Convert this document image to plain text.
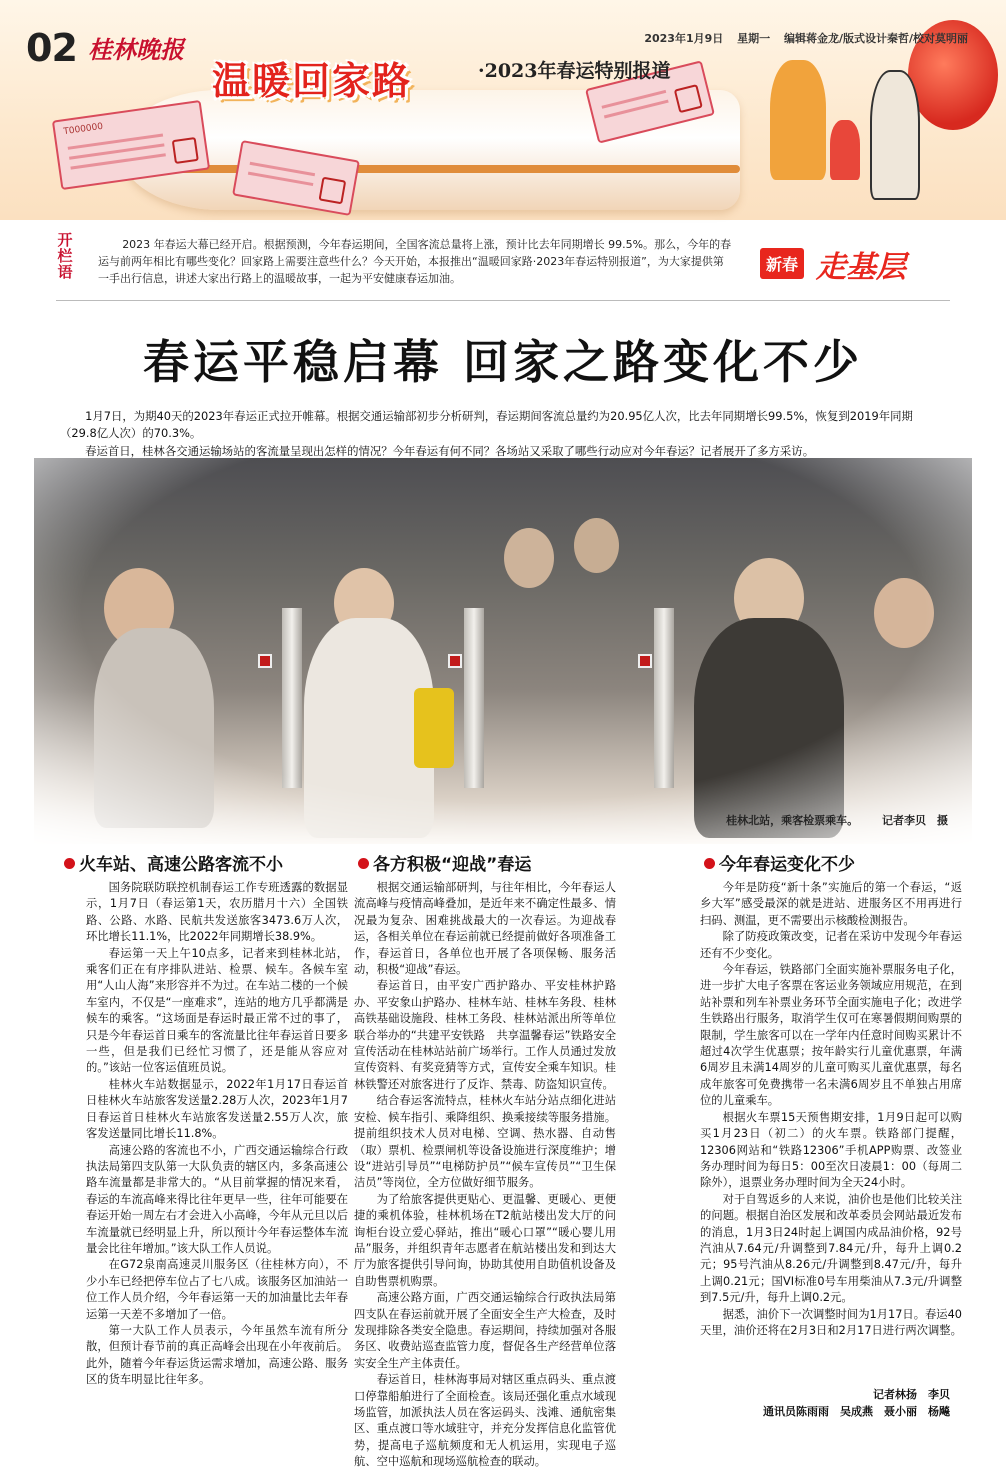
T000000
02 桂林晚报	2023年1月9日 星期一 编辑蒋金龙/版式设计秦哲/校对莫明丽
温暖回家路	·2023年春运特别报道
开栏语
2023 年春运大幕已经开启。根据预测，今年春运期间，全国客流总量将上涨，预计比去年同期增长 99.5%。那么，今年的春运与前两年相比有哪些变化？回家路上需要注意些什么？今天开始，本报推出“温暖回家路·2023年春运特别报道”，为大家提供第一手出行信息，讲述大家出行路上的温暖故事，一起为平安健康春运加油。
新春 走基层
春运平稳启幕 回家之路变化不少

1月7日，为期40天的2023年春运正式拉开帷幕。根据交通运输部初步分析研判，春运期间客流总量约为20.95亿人次，比去年同期增长99.5%，恢复到2019年同期（29.8亿人次）的70.3%。

春运首日，桂林各交通运输场站的客流量呈现出怎样的情况？今年春运有何不同？各场站又采取了哪些行动应对今年春运？记者展开了多方采访。

桂林北站，乘客检票乘车。 记者李贝　摄
火车站、高速公路客流不小	各方积极“迎战”春运	今年春运变化不少

国务院联防联控机制春运工作专班透露的数据显示，1月7日（春运第1天，农历腊月十六）全国铁路、公路、水路、民航共发送旅客3473.6万人次，环比增长11.1%，比2022年同期增长38.9%。

春运第一天上午10点多，记者来到桂林北站，乘客们正在有序排队进站、检票、候车。各候车室用“人山人海”来形容并不为过。在车站二楼的一个候车室内，不仅是“一座难求”，连站的地方几乎都满是候车的乘客。“这场面是春运时最正常不过的事了，只是今年春运首日乘车的客流量比往年春运首日要多一些，但是我们已经忙习惯了，还是能从容应对的。”该站一位客运值班员说。

桂林火车站数据显示，2022年1月17日春运首日桂林火车站旅客发送量2.28万人次，2023年1月7日春运首日桂林火车站旅客发送量2.55万人次，旅客发送量同比增长11.8%。

高速公路的客流也不小，广西交通运输综合行政执法局第四支队第一大队负责的辖区内，多条高速公路车流量都是非常大的。“从目前掌握的情况来看，春运的车流高峰来得比往年更早一些，往年可能要在春运开始一周左右才会进入小高峰，今年从元旦以后车流量就已经明显上升，所以预计今年春运整体车流量会比往年增加。”该大队工作人员说。

在G72泉南高速灵川服务区（往桂林方向），不少小车已经把停车位占了七八成。该服务区加油站一位工作人员介绍，今年春运第一天的加油量比去年春运第一天差不多增加了一倍。

第一大队工作人员表示，今年虽然车流有所分散，但预计春节前的真正高峰会出现在小年夜前后。此外，随着今年春运货运需求增加，高速公路、服务区的货车明显比往年多。

根据交通运输部研判，与往年相比，今年春运人流高峰与疫情高峰叠加，是近年来不确定性最多、情况最为复杂、困难挑战最大的一次春运。为迎战春运，各相关单位在春运前就已经提前做好各项准备工作，春运首日，各单位也开展了各项保畅、服务活动，积极“迎战”春运。

春运首日，由平安广西护路办、平安桂林护路办、平安象山护路办、桂林车站、桂林车务段、桂林高铁基础设施段、桂林工务段、桂林站派出所等单位联合举办的“共建平安铁路　共享温馨春运”铁路安全宣传活动在桂林站站前广场举行。工作人员通过发放宣传资料、有奖竞猜等方式，宣传安全乘车知识。桂林铁警还对旅客进行了反诈、禁毒、防盗知识宣传。

结合春运客流特点，桂林火车站分站点细化进站安检、候车指引、乘降组织、换乘接续等服务措施。提前组织技术人员对电梯、空调、热水器、自动售（取）票机、检票闸机等设备设施进行深度维护；增设“进站引导员”“电梯防护员”“候车宣传员”“卫生保洁员”等岗位，全方位做好细节服务。

为了给旅客提供更贴心、更温馨、更暖心、更便捷的乘机体验，桂林机场在T2航站楼出发大厅的问询柜台设立爱心驿站，推出“暖心口罩”“暖心婴儿用品”服务，并组织青年志愿者在航站楼出发和到达大厅为旅客提供引导问询，协助其使用自助值机设备及自助售票机购票。

高速公路方面，广西交通运输综合行政执法局第四支队在春运前就开展了全面安全生产大检查，及时发现排除各类安全隐患。春运期间，持续加强对各服务区、收费站巡查监管力度，督促各生产经营单位落实安全生产主体责任。

春运首日，桂林海事局对辖区重点码头、重点渡口停靠船舶进行了全面检查。该局还强化重点水域现场监管，加派执法人员在客运码头、浅滩、通航密集区、重点渡口等水域驻守，并充分发挥信息化监管优势，提高电子巡航频度和无人机运用，实现电子巡航、空中巡航和现场巡航检查的联动。

今年是防疫“新十条”实施后的第一个春运，“返乡大军”感受最深的就是进站、进服务区不用再进行扫码、测温，更不需要出示核酸检测报告。

除了防疫政策改变，记者在采访中发现今年春运还有不少变化。

今年春运，铁路部门全面实施补票服务电子化，进一步扩大电子客票在客运业务领域应用规范，在到站补票和列车补票业务环节全面实施电子化；改进学生铁路出行服务，取消学生仅可在寒暑假期间购票的限制，学生旅客可以在一学年内任意时间购买累计不超过4次学生优惠票；按年龄实行儿童优惠票，年满6周岁且未满14周岁的儿童可购买儿童优惠票，每名成年旅客可免费携带一名未满6周岁且不单独占用席位的儿童乘车。

根据火车票15天预售期安排，1月9日起可以购买1月23日（初二）的火车票。铁路部门提醒，12306网站和“铁路12306”手机APP购票、改签业务办理时间为每日5：00至次日凌晨1：00（每周二除外），退票业务办理时间为全天24小时。

对于自驾返乡的人来说，油价也是他们比较关注的问题。根据自治区发展和改革委员会网站最近发布的消息，1月3日24时起上调国内成品油价格，92号汽油从7.64元/升调整到7.84元/升，每升上调0.2元；95号汽油从8.26元/升调整到8.47元/升，每升上调0.21元；国VI标准0号车用柴油从7.3元/升调整到7.5元/升，每升上调0.2元。

据悉，油价下一次调整时间为1月17日。春运40天里，油价还将在2月3日和2月17日进行两次调整。

记者林扬　李贝
通讯员陈雨雨　吴成燕　聂小丽　杨飚
